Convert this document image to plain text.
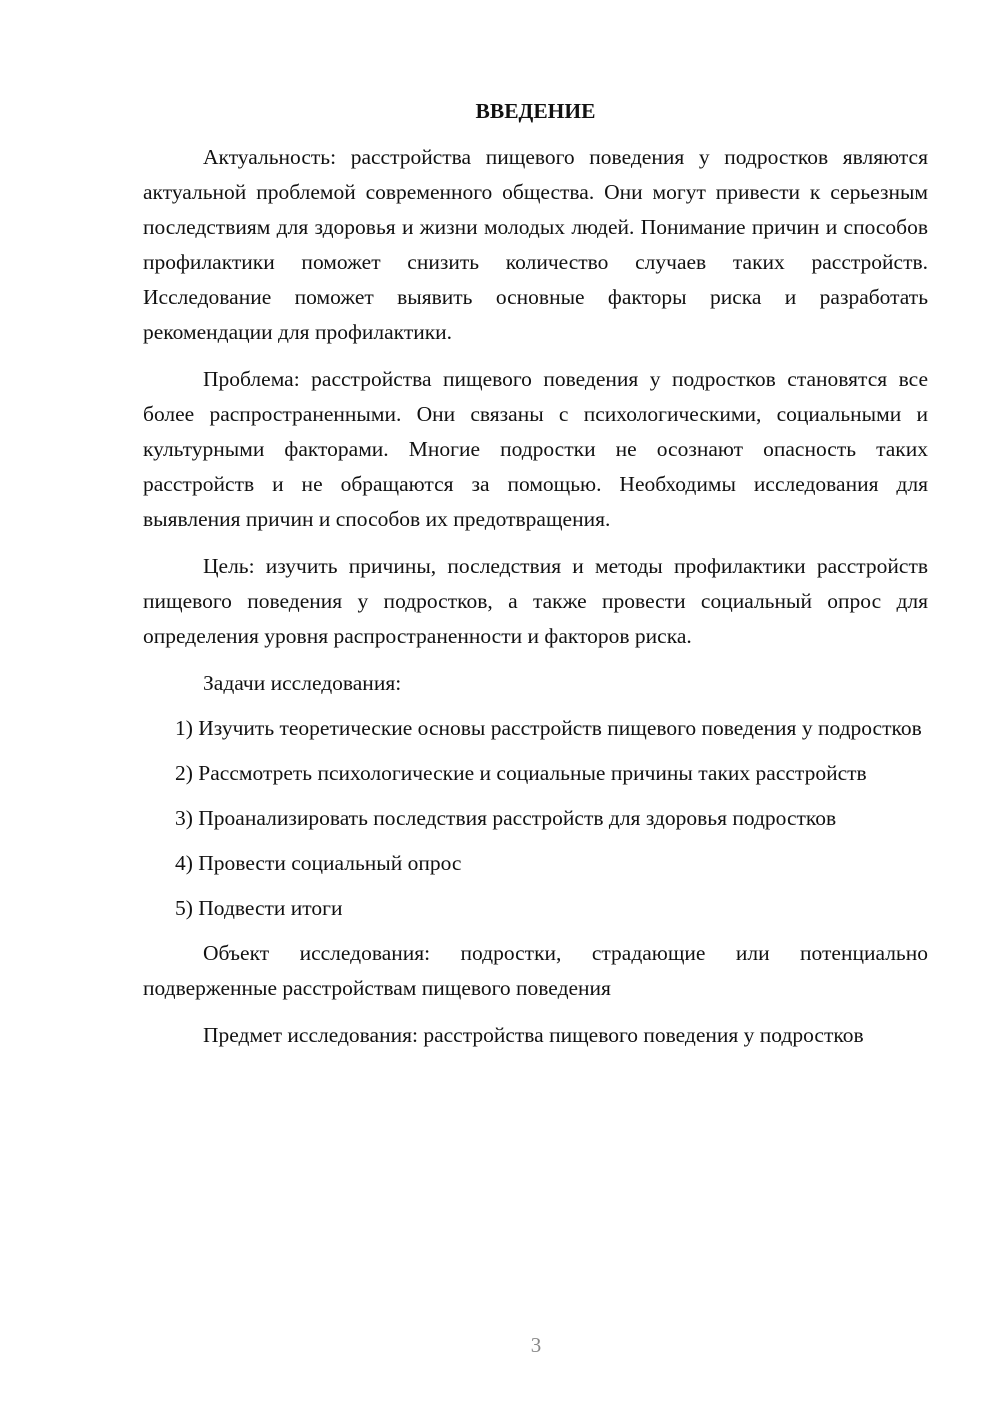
ВВЕДЕНИЕ

Актуальность: расстройства пищевого поведения у подростков являются актуальной проблемой современного общества. Они могут привести к серьезным последствиям для здоровья и жизни молодых людей. Понимание причин и способов профилактики поможет снизить количество случаев таких расстройств. Исследование поможет выявить основные факторы риска и разработать рекомендации для профилактики.

Проблема: расстройства пищевого поведения у подростков становятся все более распространенными. Они связаны с психологическими, социальными и культурными факторами. Многие подростки не осознают опасность таких расстройств и не обращаются за помощью. Необходимы исследования для выявления причин и способов их предотвращения.

Цель: изучить причины, последствия и методы профилактики расстройств пищевого поведения у подростков, а также провести социальный опрос для определения уровня распространенности и факторов риска.

Задачи исследования:

1) Изучить теоретические основы расстройств пищевого поведения у подростков

2) Рассмотреть психологические и социальные причины таких расстройств

3) Проанализировать последствия расстройств для здоровья подростков

4) Провести социальный опрос

5) Подвести итоги

Объект исследования: подростки, страдающие или потенциально подверженные расстройствам пищевого поведения

Предмет исследования: расстройства пищевого поведения у подростков

3
